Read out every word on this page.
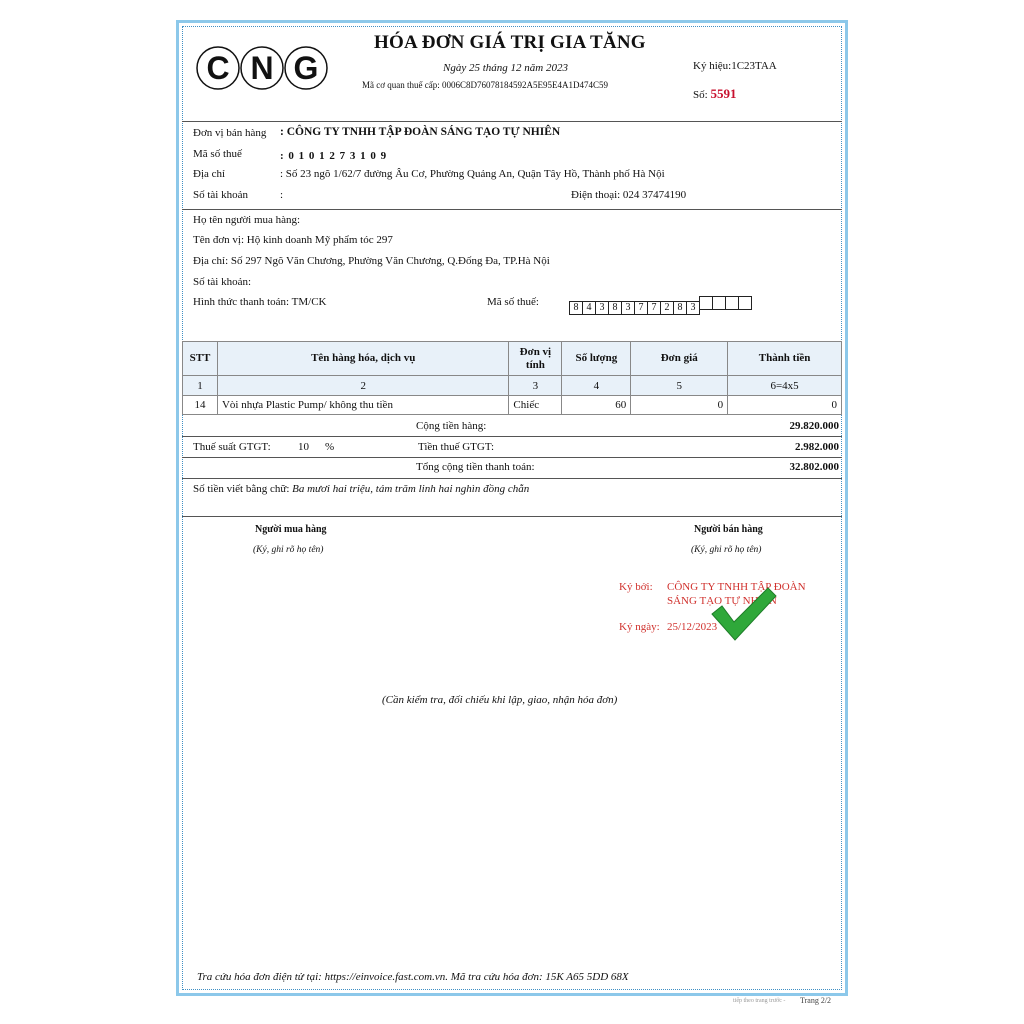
C N G
HÓA ĐƠN GIÁ TRỊ GIA TĂNG
Ngày 25 tháng 12 năm 2023
Mã cơ quan thuế cấp: 0006C8D76078184592A5E95E4A1D474C59
Ký hiệu:1C23TAA
Số: 5591
Đơn vị bán hàng : CÔNG TY TNHH TẬP ĐOÀN SÁNG TẠO TỰ NHIÊN
Mã số thuế	: 0 1 0 1 2 7 3 1 0 9
Địa chỉ	: Số 23 ngõ 1/62/7 đường Âu Cơ, Phường Quảng An, Quận Tây Hồ, Thành phố Hà Nội
Số tài khoản	:	Điện thoại: 024 37474190
Họ tên người mua hàng:
Tên đơn vị: Hộ kinh doanh Mỹ phẩm tóc 297
Địa chỉ: Số 297 Ngõ Văn Chương, Phường Văn Chương, Q.Đống Đa, TP.Hà Nội
Số tài khoản:
Hình thức thanh toán: TM/CK	Mã số thuế:	8 4 3 8 3 7 7 2 8 3
STT	Tên hàng hóa, dịch vụ	Đơn vị tính	Số lượng	Đơn giá	Thành tiền
1	2	3	4	5	6=4x5
14	Vòi nhựa Plastic Pump/ không thu tiền	Chiếc	60	0	0
Cộng tiền hàng:	29.820.000
Thuế suất GTGT: 10 %	Tiền thuế GTGT:	2.982.000
Tổng cộng tiền thanh toán:	32.802.000
Số tiền viết bằng chữ: Ba mươi hai triệu, tám trăm linh hai nghìn đồng chẵn
Người mua hàng
(Ký, ghi rõ họ tên)
Người bán hàng
(Ký, ghi rõ họ tên)
Ký bởi: CÔNG TY TNHH TẬP ĐOÀN
SÁNG TẠO TỰ NHIÊN
Ký ngày: 25/12/2023
(Cần kiểm tra, đối chiếu khi lập, giao, nhận hóa đơn)
Tra cứu hóa đơn điện tử tại: https://einvoice.fast.com.vn. Mã tra cứu hóa đơn: 15K A65 5DD 68X
tiếp theo trang trước - Trang 2/2
